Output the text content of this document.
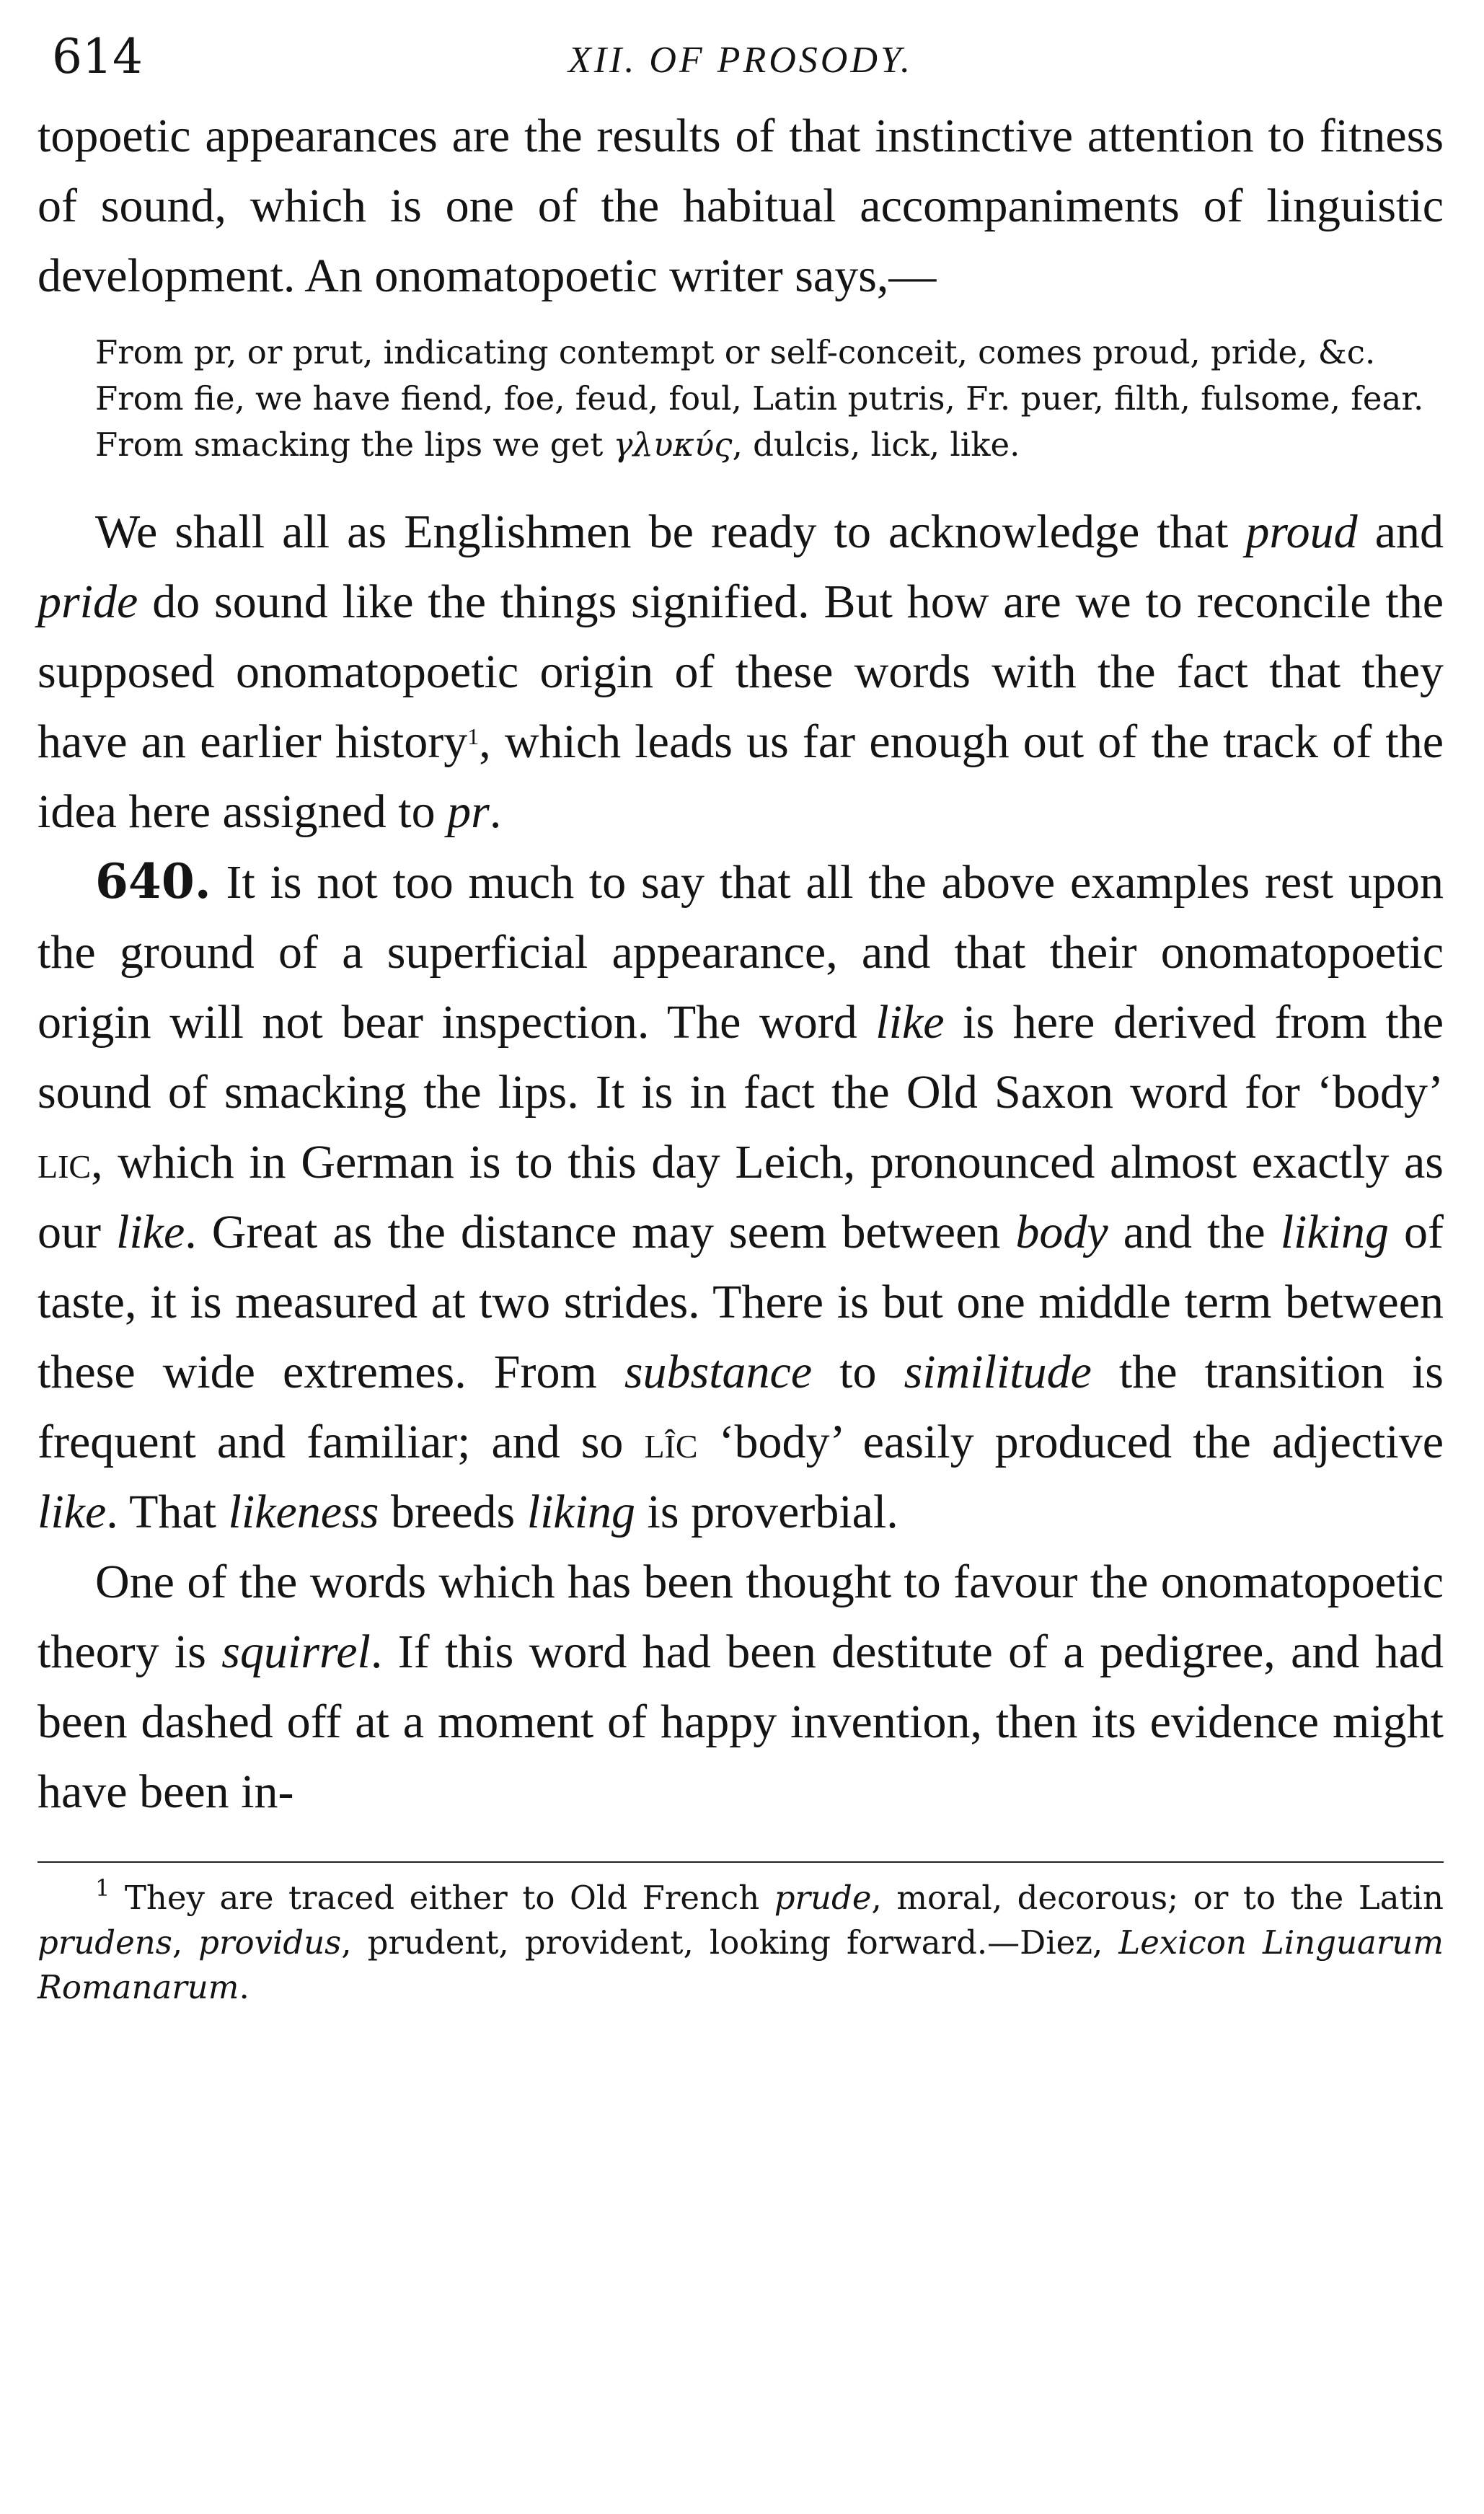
614	XII. OF PROSODY.

topoetic appearances are the results of that instinctive attention to fitness of sound, which is one of the habitual accompaniments of linguistic development. An onomatopoetic writer says,—

From pr, or prut, indicating contempt or self-conceit, comes proud, pride, &c.

From fie, we have fiend, foe, feud, foul, Latin putris, Fr. puer, filth, fulsome, fear.

From smacking the lips we get γλυκύς, dulcis, lick, like.

We shall all as Englishmen be ready to acknowledge that proud and pride do sound like the things signified. But how are we to reconcile the supposed onomatopoetic origin of these words with the fact that they have an earlier history$^1$, which leads us far enough out of the track of the idea here assigned to pr.

640. It is not too much to say that all the above examples rest upon the ground of a superficial appearance, and that their onomatopoetic origin will not bear inspection. The word like is here derived from the sound of smacking the lips. It is in fact the Old Saxon word for ‘body’ lic, which in German is to this day Leich, pronounced almost exactly as our like. Great as the distance may seem between body and the liking of taste, it is measured at two strides. There is but one middle term between these wide extremes. From substance to similitude the transition is frequent and familiar; and so lîc ‘body’ easily produced the adjective like. That likeness breeds liking is proverbial.

One of the words which has been thought to favour the onomatopoetic theory is squirrel. If this word had been destitute of a pedigree, and had been dashed off at a moment of happy invention, then its evidence might have been in-

$^1$ They are traced either to Old French prude, moral, decorous; or to the Latin prudens, providus, prudent, provident, looking forward.—Diez, Lexicon Linguarum Romanarum.
